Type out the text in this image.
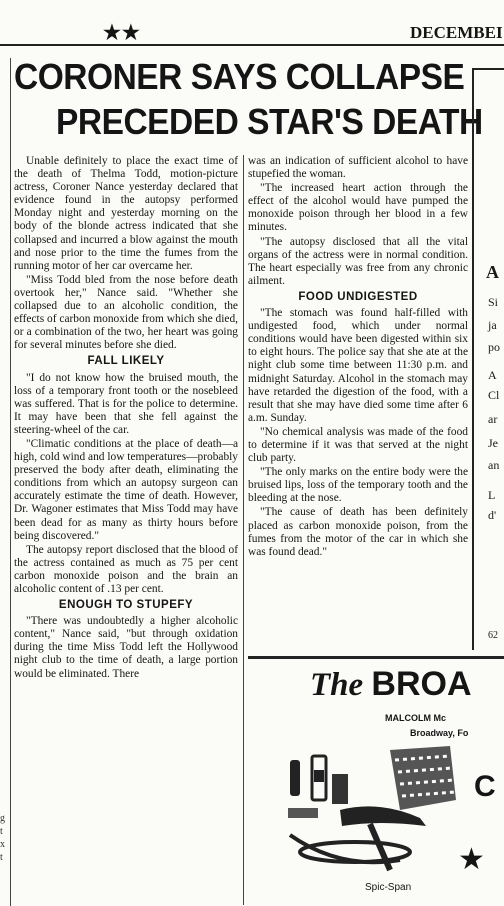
★★	DECEMBEI
CORONER SAYS COLLAPSE
PRECEDED STAR'S DEATH

Unable definitely to place the exact time of the death of Thelma Todd, motion-picture actress, Coroner Nance yesterday declared that evidence found in the autopsy performed Monday night and yesterday morning on the body of the blonde actress indicated that she collapsed and incurred a blow against the mouth and nose prior to the time the fumes from the running motor of her car overcame her.

"Miss Todd bled from the nose before death overtook her," Nance said. "Whether she collapsed due to an alcoholic condition, the effects of carbon monoxide from which she died, or a combination of the two, her heart was going for several minutes before she died.

FALL LIKELY

"I do not know how the bruised mouth, the loss of a temporary front tooth or the nosebleed was suffered. That is for the police to determine. It may have been that she fell against the steering-wheel of the car.

"Climatic conditions at the place of death—a high, cold wind and low temperatures—probably preserved the body after death, eliminating the conditions from which an autopsy surgeon can accurately estimate the time of death. However, Dr. Wagoner estimates that Miss Todd may have been dead for as many as thirty hours before being discovered."

The autopsy report disclosed that the blood of the actress contained as much as 75 per cent carbon monoxide poison and the brain an alcoholic content of .13 per cent.

ENOUGH TO STUPEFY

"There was undoubtedly a higher alcoholic content," Nance said, "but through oxidation during the time Miss Todd left the Hollywood night club to the time of death, a large portion would be eliminated. There

was an indication of sufficient alcohol to have stupefied the woman.

"The increased heart action through the effect of the alcohol would have pumped the monoxide poison through her blood in a few minutes.

"The autopsy disclosed that all the vital organs of the actress were in normal condition. The heart especially was free from any chronic ailment.

FOOD UNDIGESTED

"The stomach was found half-filled with undigested food, which under normal conditions would have been digested within six to eight hours. The police say that she ate at the night club some time between 11:30 p.m. and midnight Saturday. Alcohol in the stomach may have retarded the digestion of the food, with a result that she may have died some time after 6 a.m. Sunday.

"No chemical analysis was made of the food to determine if it was that served at the night club party.

"The only marks on the entire body were the bruised lips, loss of the temporary tooth and the bleeding at the nose.

"The cause of death has been definitely placed as carbon monoxide poison, from the fumes from the motor of the car in which she was found dead."

g
t
x
t
A
Si
ja
po
A
Cl
ar
Je
an
L
d'
62
The BROA
MALCOLM Mc
Broadway, Fo
C
★
Spic-Span
